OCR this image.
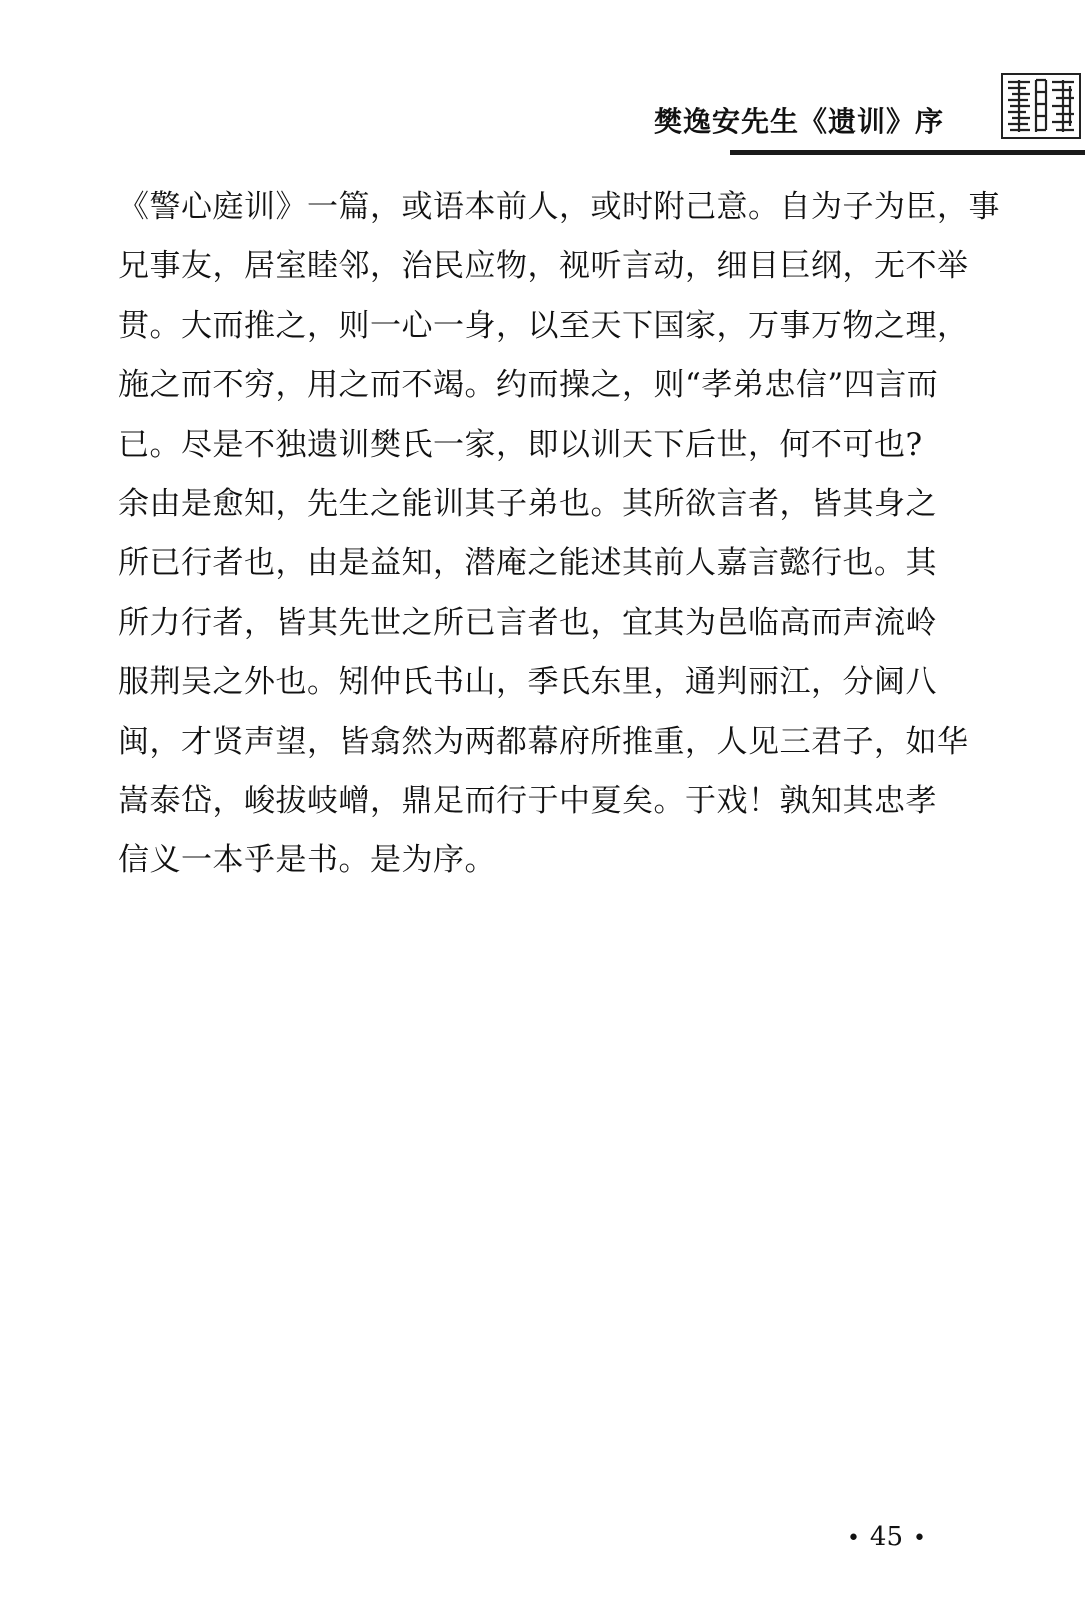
樊逸安先生《遗训》序
《警心庭训》一篇，或语本前人，或时附己意。自为子为臣，事
兄事友，居室睦邻，治民应物，视听言动，细目巨纲，无不举
贯。大而推之，则一心一身，以至天下国家，万事万物之理，
施之而不穷，用之而不竭。约而操之，则“孝弟忠信”四言而
已。尽是不独遗训樊氏一家，即以训天下后世，何不可也?
余由是愈知，先生之能训其子弟也。其所欲言者，皆其身之
所已行者也，由是益知，潜庵之能述其前人嘉言懿行也。其
所力行者，皆其先世之所已言者也，宜其为邑临高而声流岭
服荆吴之外也。矧仲氏书山，季氏东里，通判丽江，分阃八
闽，才贤声望，皆翕然为两都幕府所推重，人见三君子，如华
嵩泰岱，峻拔岐嶒，鼎足而行于中夏矣。于戏！孰知其忠孝
信义一本乎是书。是为序。
• 45 •
